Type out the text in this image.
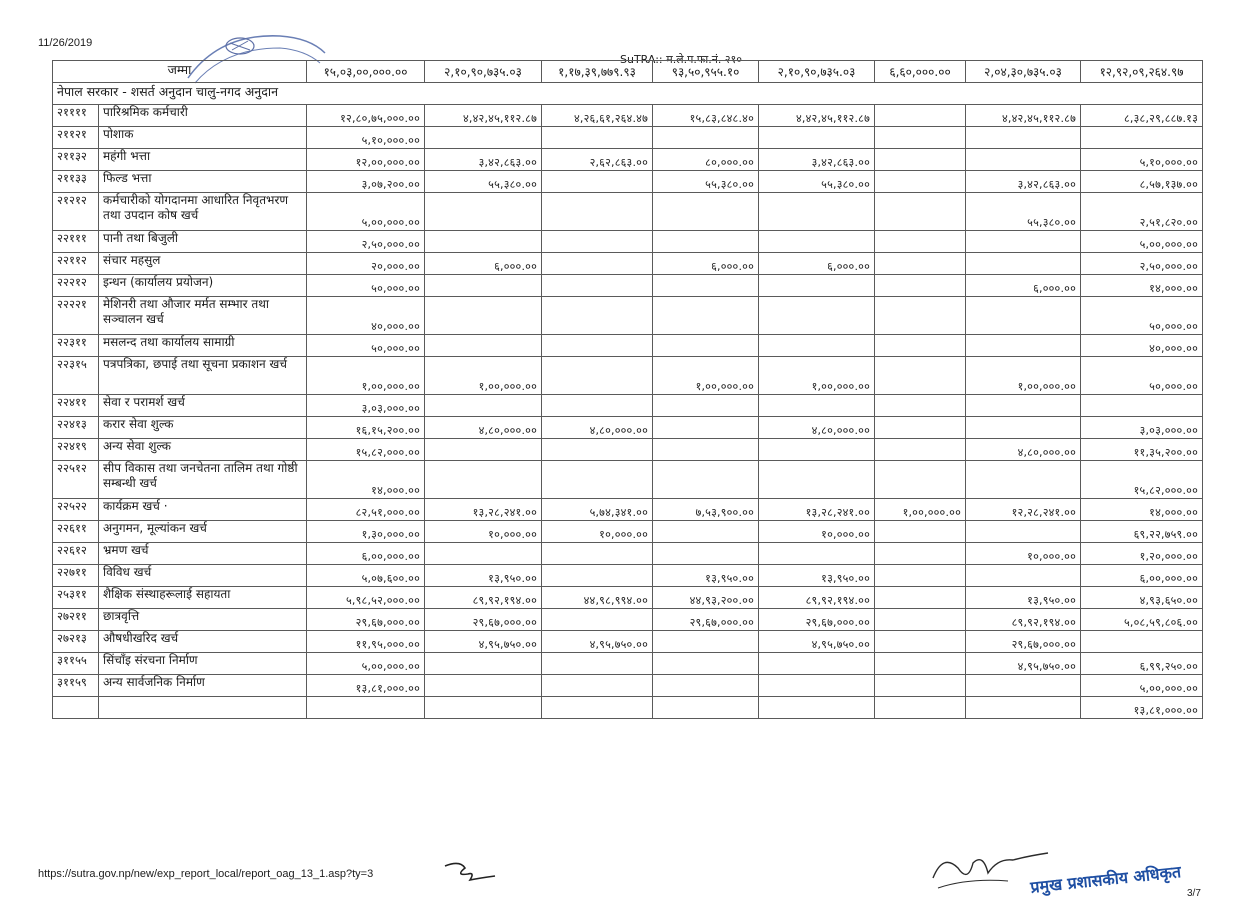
11/26/2019
SuTRA:: म.ले.प.फा.नं. २१०
जम्मा		१५,०३,००,०००.००	२,१०,९०,७३५.०३	१,१७,३९,७७९.९३	९३,५०,९५५.१०	२,१०,९०,७३५.०३	६,६०,०००.००	२,०४,३०,७३५.०३	१२,९२,०९,२६४.९७
नेपाल सरकार - शसर्त अनुदान चालु-नगद अनुदान									
२११११	पारिश्रमिक कर्मचारी	१२,८०,७५,०००.००	४,४२,४५,११२.८७	४,२६,६१,२६४.४७	१५,८३,८४८.४०	४,४२,४५,११२.८७		४,४२,४५,११२.८७	८,३८,२९,८८७.१३
२११२१	पोशाक	५,१०,०००.००							
२११३२	महंगी भत्ता	१२,००,०००.००	३,४२,८६३.००	२,६२,८६३.००	८०,०००.००	३,४२,८६३.००			५,१०,०००.००
२११३३	फिल्ड भत्ता	३,०७,२००.००	५५,३८०.००		५५,३८०.००	५५,३८०.००		३,४२,८६३.००	८,५७,१३७.००
२१२१२	कर्मचारीको योगदानमा आधारित निवृतभरण तथा उपदान कोष खर्च	५,००,०००.००						५५,३८०.००	२,५१,८२०.००
२२१११	पानी तथा बिजुली	२,५०,०००.००							५,००,०००.००
२२११२	संचार महसुल	२०,०००.००	६,०००.००		६,०००.००	६,०००.००			२,५०,०००.००
२२२१२	इन्धन (कार्यालय प्रयोजन)	५०,०००.००						६,०००.००	१४,०००.००
२२२२१	मेशिनरी तथा औजार मर्मत सम्भार तथा सञ्चालन खर्च	४०,०००.००							५०,०००.००
२२३११	मसलन्द तथा कार्यालय सामाग्री	५०,०००.००							४०,०००.००
२२३१५	पत्रपत्रिका, छपाई तथा सूचना प्रकाशन खर्च	१,००,०००.००	१,००,०००.००		१,००,०००.००	१,००,०००.००		१,००,०००.००	५०,०००.००
२२४११	सेवा र परामर्श खर्च	३,०३,०००.००							
२२४१३	करार सेवा शुल्क	१६,१५,२००.००	४,८०,०००.००	४,८०,०००.००		४,८०,०००.००			३,०३,०००.००
२२४१९	अन्य सेवा शुल्क	१५,८२,०००.००						४,८०,०००.००	११,३५,२००.००
२२५१२	सीप विकास तथा जनचेतना तालिम तथा गोष्ठी सम्बन्धी खर्च	१४,०००.००							१५,८२,०००.००
२२५२२	कार्यक्रम खर्च ·	८२,५१,०००.००	१३,२८,२४१.००	५,७४,३४१.००	७,५३,९००.००	१३,२८,२४१.००	१,००,०००.००	१२,२८,२४१.००	१४,०००.००
२२६११	अनुगमन, मूल्यांकन खर्च	१,३०,०००.००	१०,०००.००	१०,०००.००		१०,०००.००			६९,२२,७५९.००
२२६१२	भ्रमण खर्च	६,००,०००.००						१०,०००.००	१,२०,०००.००
२२७११	विविध खर्च	५,०७,६००.००	१३,९५०.००		१३,९५०.००	१३,९५०.००			६,००,०००.००
२५३११	शैक्षिक संस्थाहरूलाई सहायता	५,९८,५२,०००.००	८९,९२,१९४.००	४४,९८,९९४.००	४४,९३,२००.००	८९,९२,१९४.००		१३,९५०.००	४,९३,६५०.००
२७२११	छात्रवृत्ति	२९,६७,०००.००	२९,६७,०००.००		२९,६७,०००.००	२९,६७,०००.००		८९,९२,१९४.००	५,०८,५९,८०६.००
२७२१३	औषधीखरिद खर्च	११,९५,०००.००	४,९५,७५०.००	४,९५,७५०.००		४,९५,७५०.००		२९,६७,०००.००	
३११५५	सिंचाँइ संरचना निर्माण	५,००,०००.००						४,९५,७५०.००	६,९९,२५०.००
३११५९	अन्य सार्वजनिक निर्माण	१३,८१,०००.००							५,००,०००.००
									१३,८१,०००.००
https://sutra.gov.np/new/exp_report_local/report_oag_13_1.asp?ty=3	प्रमुख प्रशासकीय अधिकृत 3/7
